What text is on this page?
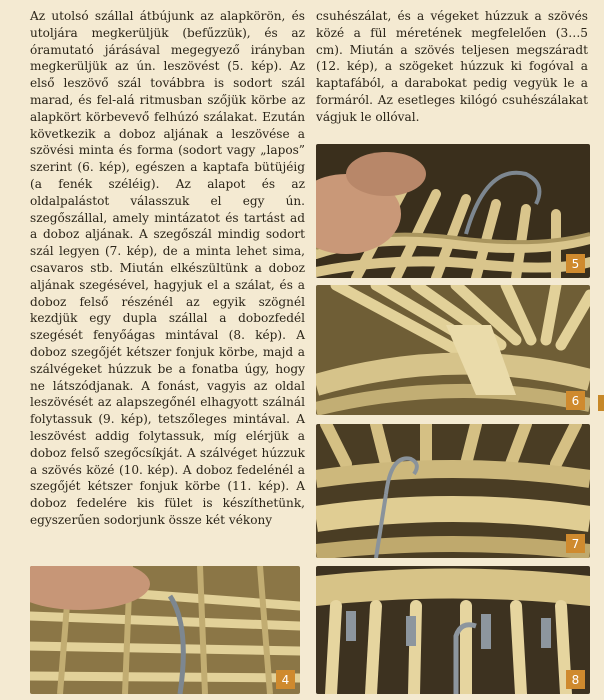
Az utolsó szállal átbújunk az alapkörön, és utoljára megkerüljük (befűzzük), és az óramutató járásával megegyező irányban megkerüljük az ún. leszövést (5. kép). Az első leszövő szál továbbra is sodort szál marad, és fel-alá ritmusban szőjük körbe az alapkört körbevevő felhúzó szálakat. Ezután következik a doboz aljának a leszövése a szövési minta és forma (sodort vagy „lapos” szerint (6. kép), egészen a kaptafa bütüjéig (a fenék széléig). Az alapot és az oldalpalástot válasszuk el egy ún. szegőszállal, amely mintázatot és tartást ad a doboz aljának. A szegőszál mindig sodort szál legyen (7. kép), de a minta lehet sima, csavaros stb. Miután elkészültünk a doboz aljának szegésével, hagyjuk el a szálat, és a doboz felső részénél az egyik szögnél kezdjük egy dupla szállal a dobozfedél szegését fenyőágas mintával (8. kép). A doboz szegőjét kétszer fonjuk körbe, majd a szálvégeket húzzuk be a fonatba úgy, hogy ne látszódjanak. A fonást, vagyis az oldal leszövését az alapszegőnél elhagyott szálnál folytassuk (9. kép), tetszőleges mintával. A leszövést addig folytassuk, míg elérjük a doboz felső szegőcsíkját. A szálvéget húzzuk a szövés közé (10. kép). A doboz fedelénél a szegőjét kétszer fonjuk körbe (11. kép). A doboz fedelére kis fület is készíthetünk, egyszerűen sodorjunk össze két vékony

csuhészálat, és a végeket húzzuk a szövés közé a fül méretének megfelelően (3…5 cm). Miután a szövés teljesen megszáradt (12. kép), a szögeket húzzuk ki fogóval a kaptafából, a darabokat pedig vegyük le a formáról. Az esetleges kilógó csuhészálakat vágjuk le ollóval.

5
6
7
4	8
